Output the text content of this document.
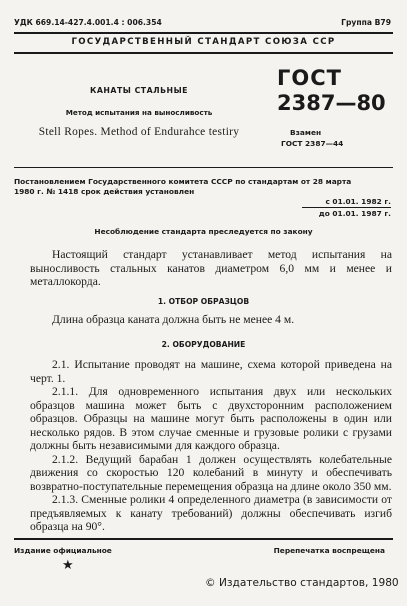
УДК 669.14-427.4.001.4 : 006.354	Группа В79
ГОСУДАРСТВЕННЫЙ СТАНДАРТ СОЮЗА ССР
КАНАТЫ СТАЛЬНЫЕ
Метод испытания на выносливость
Stell Ropes. Method of Endurahce testiry
ГОСТ
2387—80
Взамен
ГОСТ 2387—44
Постановлением Государственного комитета СССР по стандартам от 28 марта
1980 г. № 1418 срок действия установлен
с 01.01. 1982 г.
до 01.01. 1987 г.
Несоблюдение стандарта преследуется по закону

Настоящий стандарт устанавливает метод испытания на выносливость стальных канатов диаметром 6,0 мм и менее и металлокорда.

1. ОТБОР ОБРАЗЦОВ

Длина образца каната должна быть не менее 4 м.

2. ОБОРУДОВАНИЕ

2.1. Испытание проводят на машине, схема которой приведена на черт. 1.

2.1.1. Для одновременного испытания двух или нескольких образцов машина может быть с двухсторонним расположением образцов. Образцы на машине могут быть расположены в один или несколько рядов. В этом случае сменные и грузовые ролики с грузами должны быть независимыми для каждого образца.

2.1.2. Ведущий барабан 1 должен осуществлять колебательные движения со скоростью 120 колебаний в минуту и обеспечивать возвратно-поступательные перемещения образца на длине около 350 мм.

2.1.3. Сменные ролики 4 определенного диаметра (в зависимости от предъявляемых к канату требований) должны обеспечивать изгиб образца на 90°.

Издание официальное	Перепечатка воспрещена
★
© Издательство стандартов, 1980
